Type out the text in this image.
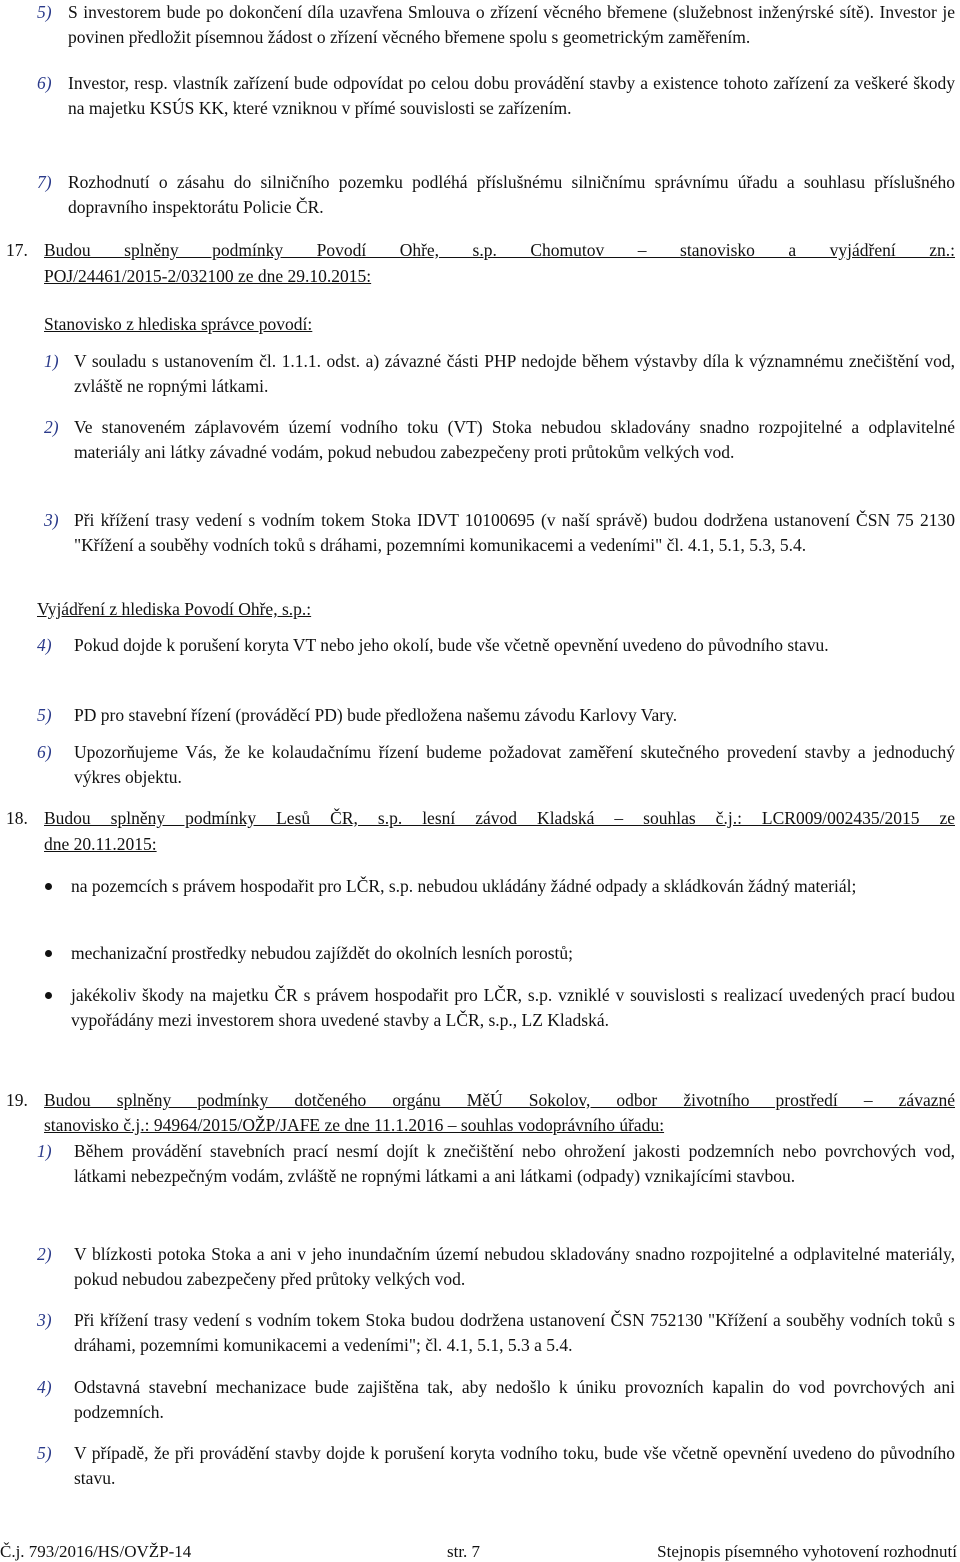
5) S investorem bude po dokončení díla uzavřena Smlouva o zřízení věcného břemene (služebnost inženýrské sítě). Investor je povinen předložit písemnou žádost o zřízení věcného břemene spolu s geometrickým zaměřením.
6) Investor, resp. vlastník zařízení bude odpovídat po celou dobu provádění stavby a existence tohoto zařízení za veškeré škody na majetku KSÚS KK, které vzniknou v přímé souvislosti se zařízením.
7) Rozhodnutí o zásahu do silničního pozemku podléhá příslušnému silničnímu správnímu úřadu a souhlasu příslušného dopravního inspektorátu Policie ČR.
17. Budou splněny podmínky Povodí Ohře, s.p. Chomutov – stanovisko a vyjádření zn.:
POJ/24461/2015-2/032100 ze dne 29.10.2015:
Stanovisko z hlediska správce povodí:
1) V souladu s ustanovením čl. 1.1.1. odst. a) závazné části PHP nedojde během výstavby díla k významnému znečištění vod, zvláště ne ropnými látkami.
2) Ve stanoveném záplavovém území vodního toku (VT) Stoka nebudou skladovány snadno rozpojitelné a odplavitelné materiály ani látky závadné vodám, pokud nebudou zabezpečeny proti průtokům velkých vod.
3) Při křížení trasy vedení s vodním tokem Stoka IDVT 10100695 (v naší správě) budou dodržena ustanovení ČSN 75 2130 "Křížení a souběhy vodních toků s dráhami, pozemními komunikacemi a vedeními" čl. 4.1, 5.1, 5.3, 5.4.
Vyjádření z hlediska Povodí Ohře, s.p.:
4) Pokud dojde k porušení koryta VT nebo jeho okolí, bude vše včetně opevnění uvedeno do původního stavu.
5) PD pro stavební řízení (prováděcí PD) bude předložena našemu závodu Karlovy Vary.
6) Upozorňujeme Vás, že ke kolaudačnímu řízení budeme požadovat zaměření skutečného provedení stavby a jednoduchý výkres objektu.
18. Budou splněny podmínky Lesů ČR, s.p. lesní závod Kladská – souhlas č.j.: LCR009/002435/2015 ze
dne 20.11.2015:
na pozemcích s právem hospodařit pro LČR, s.p. nebudou ukládány žádné odpady a skládkován žádný materiál;
mechanizační prostředky nebudou zajíždět do okolních lesních porostů;
jakékoliv škody na majetku ČR s právem hospodařit pro LČR, s.p. vzniklé v souvislosti s realizací uvedených prací budou vypořádány mezi investorem shora uvedené stavby a LČR, s.p., LZ Kladská.
19. Budou splněny podmínky dotčeného orgánu MěÚ Sokolov, odbor životního prostředí – závazné
stanovisko č.j.: 94964/2015/OŽP/JAFE ze dne 11.1.2016 – souhlas vodoprávního úřadu:
1) Během provádění stavebních prací nesmí dojít k znečištění nebo ohrožení jakosti podzemních nebo povrchových vod, látkami nebezpečným vodám, zvláště ne ropnými látkami a ani látkami (odpady) vznikajícími stavbou.
2) V blízkosti potoka Stoka a ani v jeho inundačním území nebudou skladovány snadno rozpojitelné a odplavitelné materiály, pokud nebudou zabezpečeny před průtoky velkých vod.
3) Při křížení trasy vedení s vodním tokem Stoka budou dodržena ustanovení ČSN 752130 "Křížení a souběhy vodních toků s dráhami, pozemními komunikacemi a vedeními"; čl. 4.1, 5.1, 5.3 a 5.4.
4) Odstavná stavební mechanizace bude zajištěna tak, aby nedošlo k úniku provozních kapalin do vod povrchových ani podzemních.
5) V případě, že při provádění stavby dojde k porušení koryta vodního toku, bude vše včetně opevnění uvedeno do původního stavu.
Č.j. 793/2016/HS/OVŽP-14	str. 7	Stejnopis písemného vyhotovení rozhodnutí
